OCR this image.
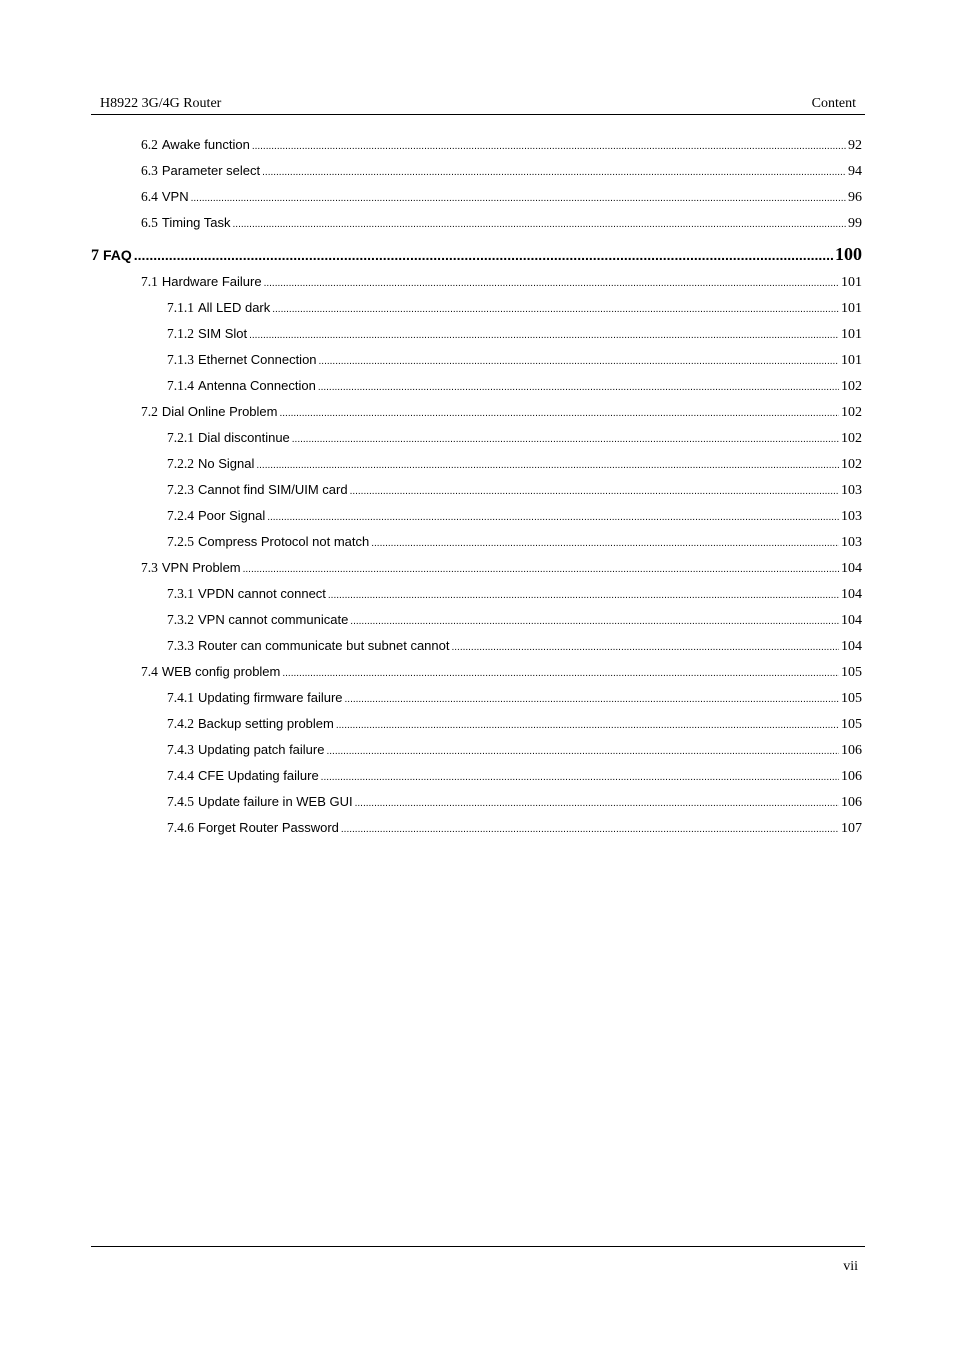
H8922 3G/4G Router	Content
6.2 Awake function .....	92
6.3 Parameter select .....	94
6.4 VPN .....	96
6.5 Timing Task .....	99
7 FAQ .....	100
7.1 Hardware Failure .....	101
7.1.1 All LED dark .....	101
7.1.2 SIM Slot .....	101
7.1.3 Ethernet Connection .....	101
7.1.4 Antenna Connection .....	102
7.2 Dial Online Problem .....	102
7.2.1 Dial discontinue .....	102
7.2.2 No Signal .....	102
7.2.3 Cannot find SIM/UIM card .....	103
7.2.4 Poor Signal .....	103
7.2.5 Compress Protocol not match .....	103
7.3 VPN Problem .....	104
7.3.1 VPDN cannot connect .....	104
7.3.2 VPN cannot communicate .....	104
7.3.3 Router can communicate but subnet cannot .....	104
7.4 WEB config problem .....	105
7.4.1 Updating firmware failure .....	105
7.4.2 Backup setting problem .....	105
7.4.3 Updating patch failure .....	106
7.4.4 CFE Updating failure .....	106
7.4.5 Update failure in WEB GUI .....	106
7.4.6 Forget Router Password .....	107
vii
